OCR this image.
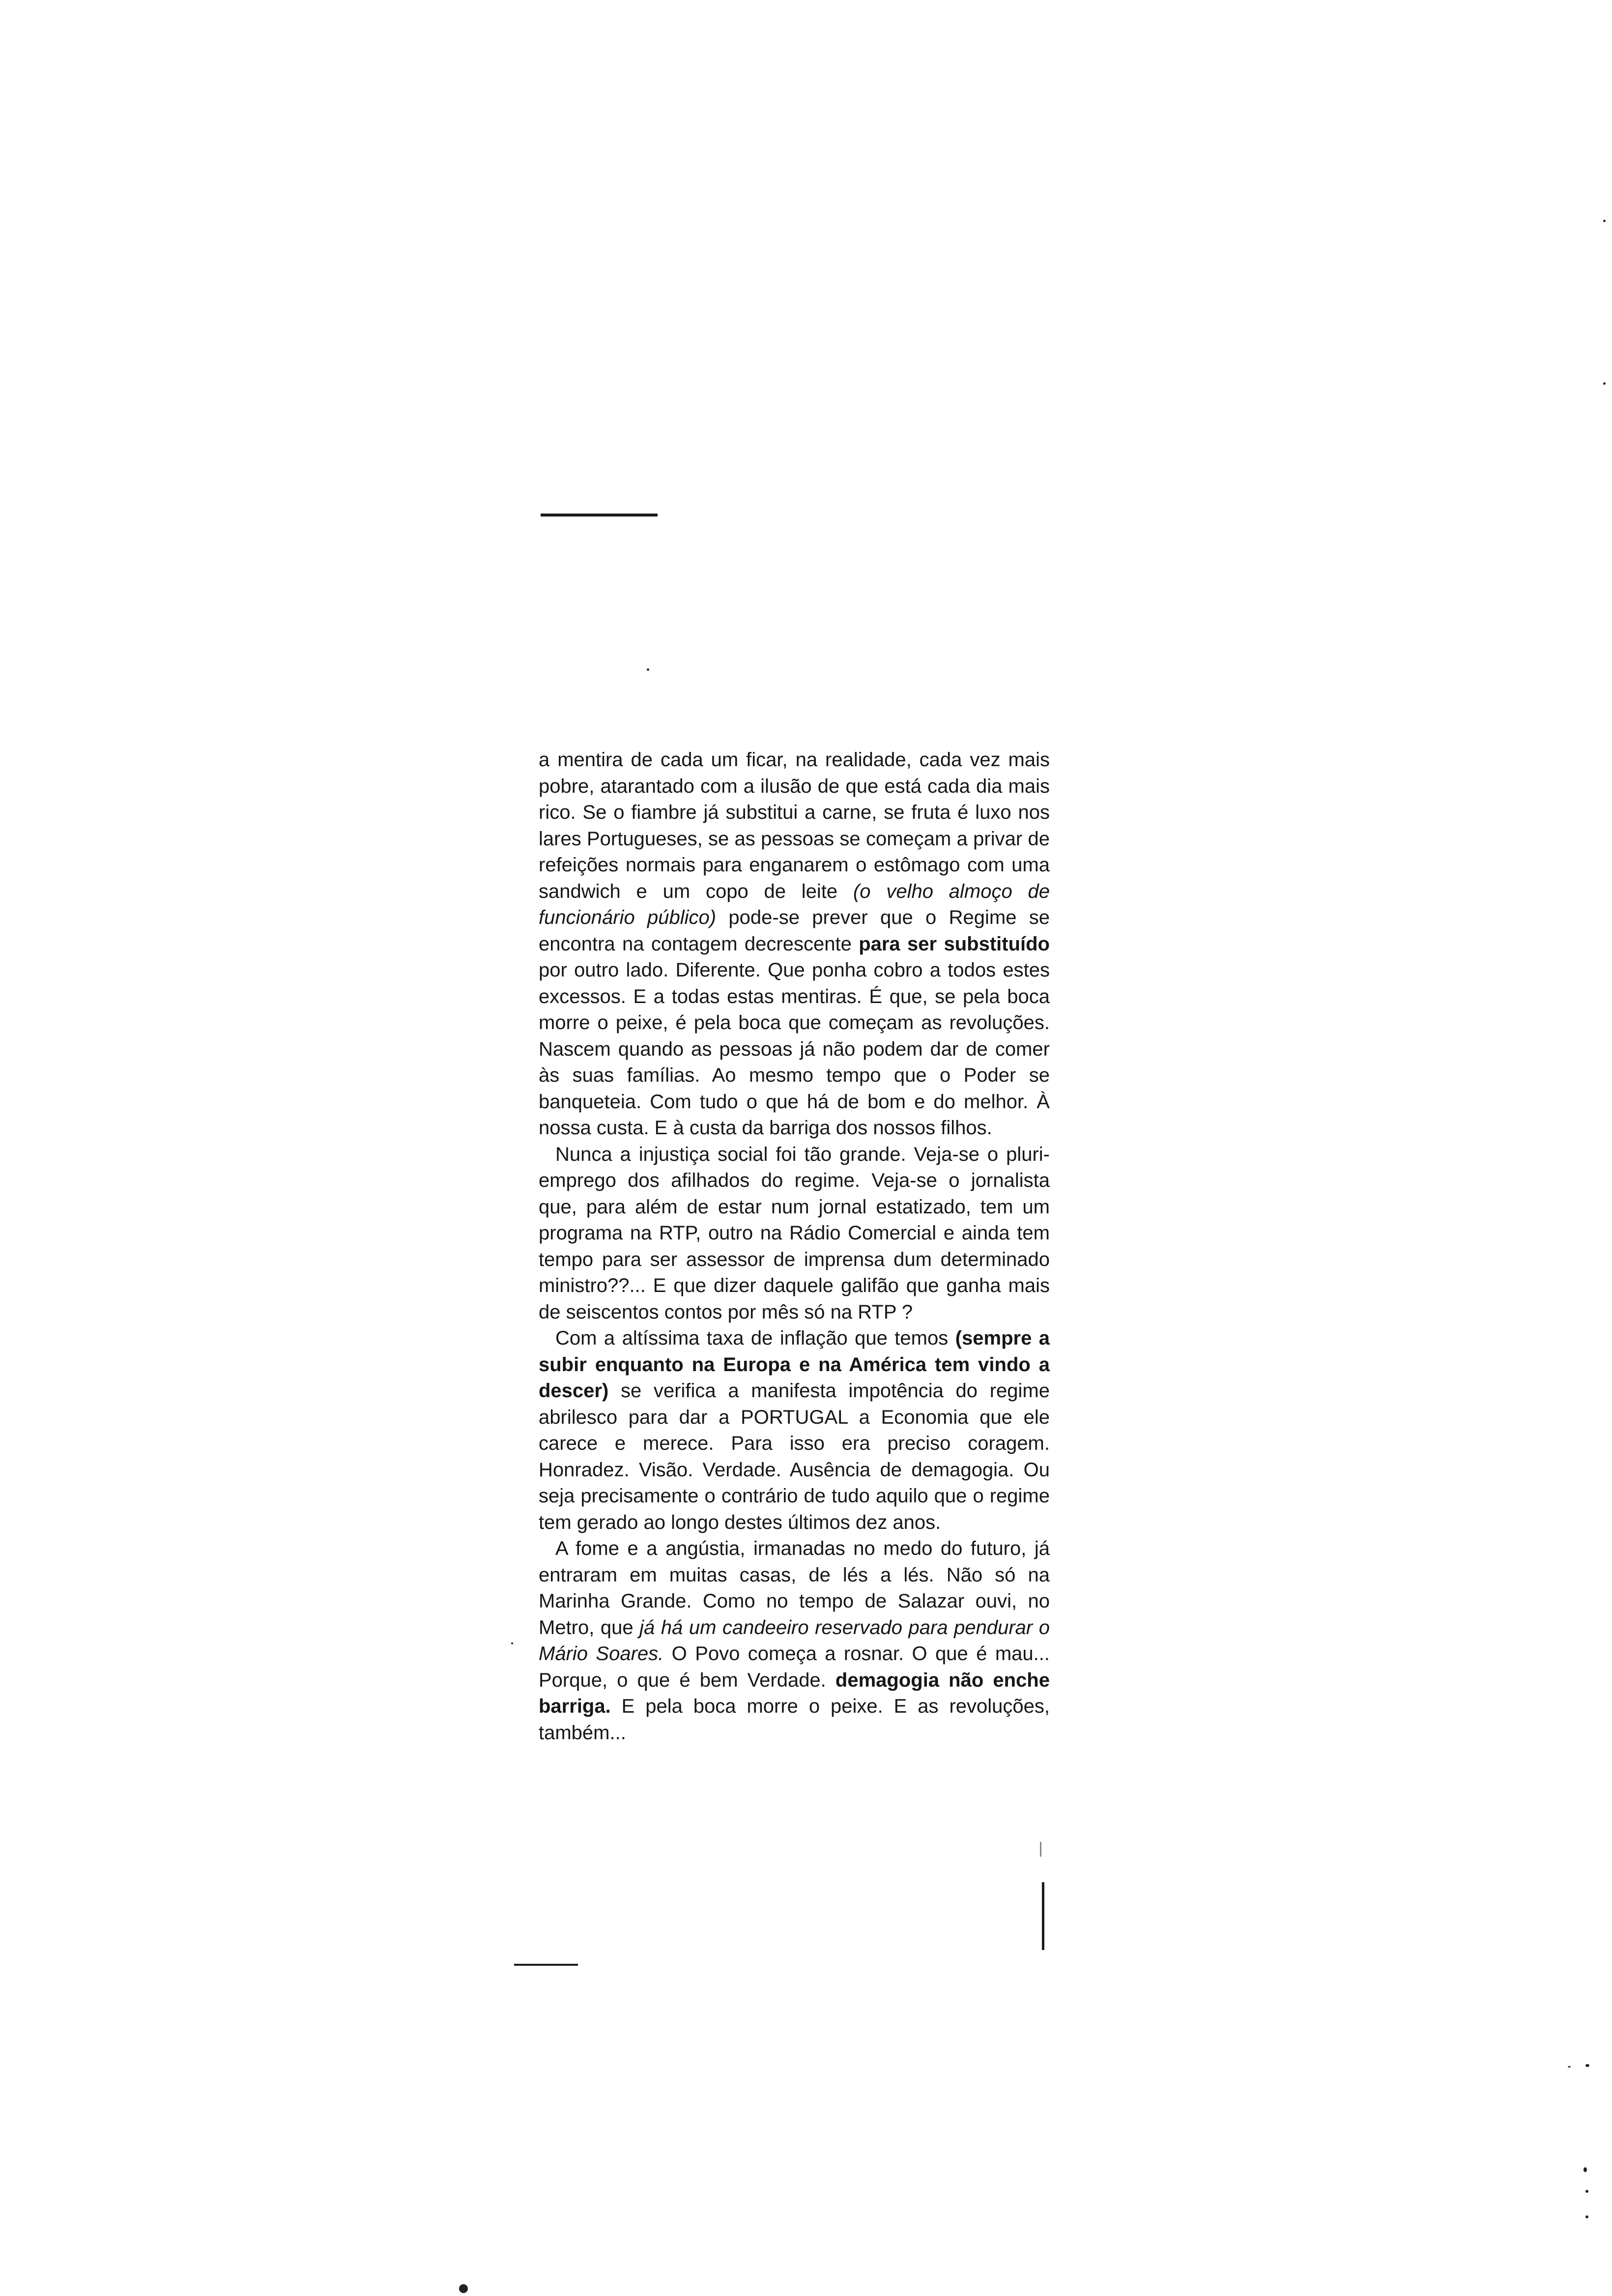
a mentira de cada um ficar, na realidade, cada vez mais pobre, atarantado com a ilusão de que está cada dia mais rico. Se o fiambre já substitui a carne, se fruta é luxo nos lares Portugueses, se as pessoas se começam a privar de refeições normais para enganarem o estômago com uma sandwich e um copo de leite (o velho almoço de funcionário público) pode-se prever que o Regime se encontra na contagem decrescente para ser substituído por outro lado. Diferente. Que ponha cobro a todos estes excessos. E a todas estas mentiras. É que, se pela boca morre o peixe, é pela boca que começam as revoluções. Nascem quando as pessoas já não podem dar de comer às suas famílias. Ao mesmo tempo que o Poder se banqueteia. Com tudo o que há de bom e do melhor. À nossa custa. E à custa da barriga dos nossos filhos.

Nunca a injustiça social foi tão grande. Veja-se o pluri-emprego dos afilhados do regime. Veja-se o jornalista que, para além de estar num jornal estatizado, tem um programa na RTP, outro na Rádio Comercial e ainda tem tempo para ser assessor de imprensa dum determinado ministro??... E que dizer daquele galifão que ganha mais de seiscentos contos por mês só na RTP ?

Com a altíssima taxa de inflação que temos (sempre a subir enquanto na Europa e na América tem vindo a descer) se verifica a manifesta impotência do regime abrilesco para dar a PORTUGAL a Economia que ele carece e merece. Para isso era preciso coragem. Honradez. Visão. Verdade. Ausência de demagogia. Ou seja precisamente o contrário de tudo aquilo que o regime tem gerado ao longo destes últimos dez anos.

A fome e a angústia, irmanadas no medo do futuro, já entraram em muitas casas, de lés a lés. Não só na Marinha Grande. Como no tempo de Salazar ouvi, no Metro, que já há um candeeiro reservado para pendurar o Mário Soares. O Povo começa a rosnar. O que é mau... Porque, o que é bem Verdade. demagogia não enche barriga. E pela boca morre o peixe. E as revoluções, também...
